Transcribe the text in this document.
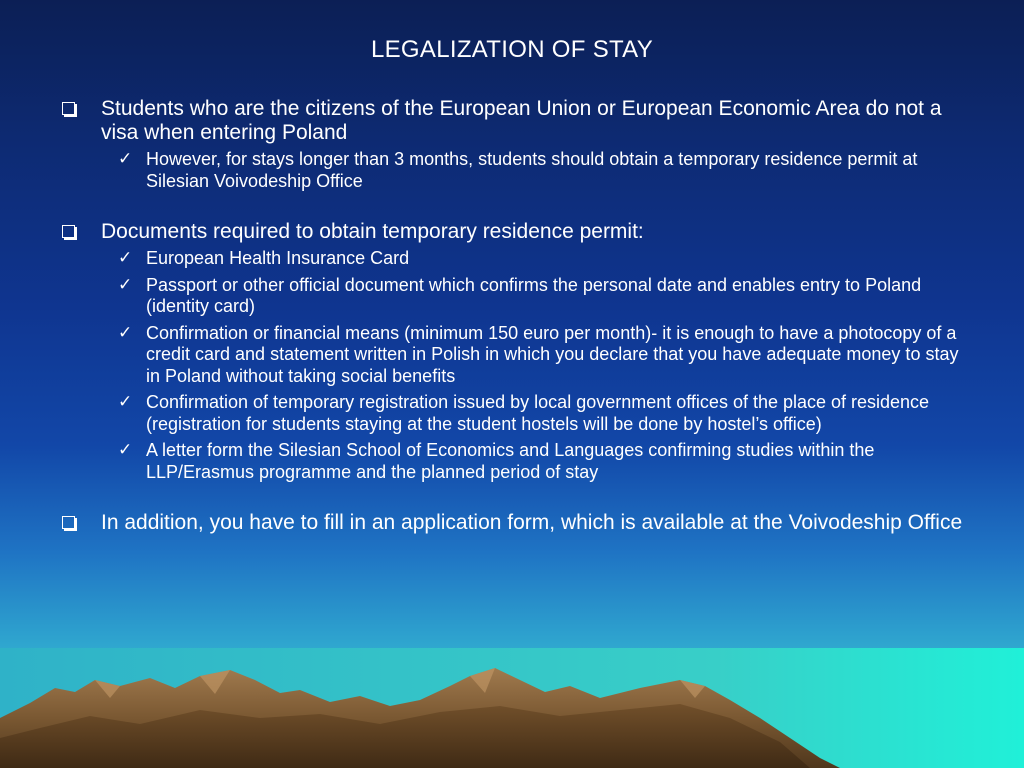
LEGALIZATION OF STAY
Students who are the citizens of the European Union or European Economic Area do not a visa when entering Poland
✓ However, for stays longer than 3 months, students should obtain a temporary residence permit at Silesian Voivodeship Office
Documents required to obtain temporary residence permit:
✓ European Health Insurance Card
✓ Passport or other official document which confirms the personal date and enables entry to Poland (identity card)
✓ Confirmation or financial means (minimum 150 euro per month)- it is enough to have a photocopy of a credit card and statement written in Polish in which you declare that you have adequate money to stay in Poland without taking social benefits
✓ Confirmation of temporary registration issued by local government offices of the place of residence (registration for students staying at the student hostels will be done by hostel’s office)
✓ A letter form the Silesian School of Economics and Languages confirming studies within the LLP/Erasmus programme and the planned period of stay
In addition, you have to fill in an application form, which is available at the Voivodeship Office
